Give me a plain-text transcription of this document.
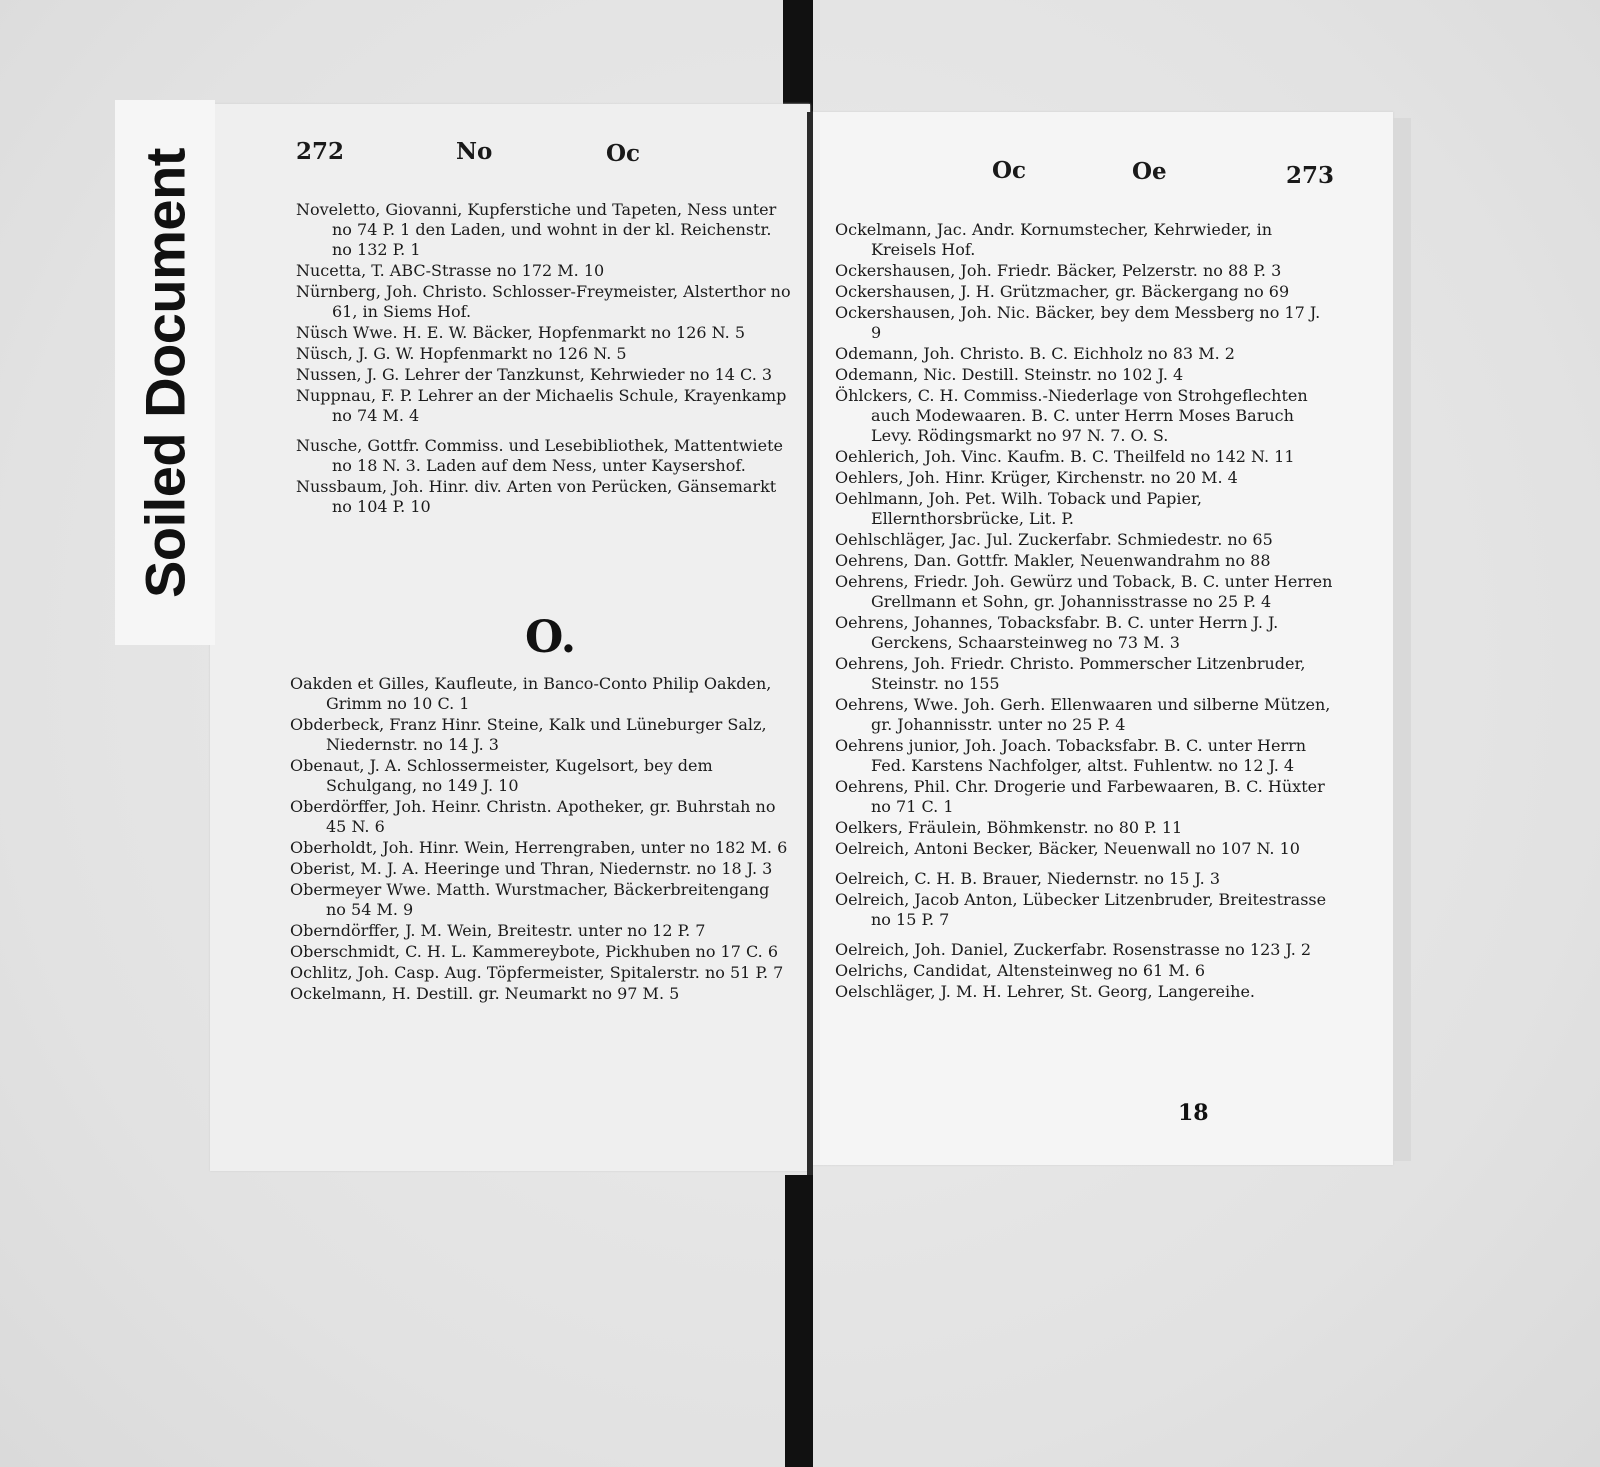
Soiled Document	272	No	Oc
Oc	Oe	273
Noveletto, Giovanni, Kupferstiche und Tapeten, Ness unter no 74 P. 1 den Laden, und wohnt in der kl. Reichenstr. no 132 P. 1
Nucetta, T. ABC-Strasse no 172 M. 10
Nürnberg, Joh. Christo. Schlosser-Freymeister, Alsterthor no 61, in Siems Hof.
Nüsch Wwe. H. E. W. Bäcker, Hopfenmarkt no 126 N. 5
Nüsch, J. G. W. Hopfenmarkt no 126 N. 5
Nussen, J. G. Lehrer der Tanzkunst, Kehrwieder no 14 C. 3
Nuppnau, F. P. Lehrer an der Michaelis Schule, Krayenkamp no 74 M. 4
Nusche, Gottfr. Commiss. und Lesebibliothek, Mattentwiete no 18 N. 3. Laden auf dem Ness, unter Kaysershof.
Nussbaum, Joh. Hinr. div. Arten von Perücken, Gänsemarkt no 104 P. 10
O.
Oakden et Gilles, Kaufleute, in Banco-Conto Philip Oakden, Grimm no 10 C. 1
Obderbeck, Franz Hinr. Steine, Kalk und Lüneburger Salz, Niedernstr. no 14 J. 3
Obenaut, J. A. Schlossermeister, Kugelsort, bey dem Schulgang, no 149 J. 10
Oberdörffer, Joh. Heinr. Christn. Apotheker, gr. Buhrstah no 45 N. 6
Oberholdt, Joh. Hinr. Wein, Herrengraben, unter no 182 M. 6
Oberist, M. J. A. Heeringe und Thran, Niedernstr. no 18 J. 3
Obermeyer Wwe. Matth. Wurstmacher, Bäckerbreitengang no 54 M. 9
Oberndörffer, J. M. Wein, Breitestr. unter no 12 P. 7
Oberschmidt, C. H. L. Kammereybote, Pickhuben no 17 C. 6
Ochlitz, Joh. Casp. Aug. Töpfermeister, Spitalerstr. no 51 P. 7
Ockelmann, H. Destill. gr. Neumarkt no 97 M. 5
Ockelmann, Jac. Andr. Kornumstecher, Kehrwieder, in Kreisels Hof.
Ockershausen, Joh. Friedr. Bäcker, Pelzerstr. no 88 P. 3
Ockershausen, J. H. Grützmacher, gr. Bäckergang no 69
Ockershausen, Joh. Nic. Bäcker, bey dem Messberg no 17 J. 9
Odemann, Joh. Christo. B. C. Eichholz no 83 M. 2
Odemann, Nic. Destill. Steinstr. no 102 J. 4
Öhlckers, C. H. Commiss.-Niederlage von Strohgeflechten auch Modewaaren. B. C. unter Herrn Moses Baruch Levy. Rödingsmarkt no 97 N. 7. O. S.
Oehlerich, Joh. Vinc. Kaufm. B. C. Theilfeld no 142 N. 11
Oehlers, Joh. Hinr. Krüger, Kirchenstr. no 20 M. 4
Oehlmann, Joh. Pet. Wilh. Toback und Papier, Ellernthorsbrücke, Lit. P.
Oehlschläger, Jac. Jul. Zuckerfabr. Schmiedestr. no 65
Oehrens, Dan. Gottfr. Makler, Neuenwandrahm no 88
Oehrens, Friedr. Joh. Gewürz und Toback, B. C. unter Herren Grellmann et Sohn, gr. Johannisstrasse no 25 P. 4
Oehrens, Johannes, Tobacksfabr. B. C. unter Herrn J. J. Gerckens, Schaarsteinweg no 73 M. 3
Oehrens, Joh. Friedr. Christo. Pommerscher Litzenbruder, Steinstr. no 155
Oehrens, Wwe. Joh. Gerh. Ellenwaaren und silberne Mützen, gr. Johannisstr. unter no 25 P. 4
Oehrens junior, Joh. Joach. Tobacksfabr. B. C. unter Herrn Fed. Karstens Nachfolger, altst. Fuhlentw. no 12 J. 4
Oehrens, Phil. Chr. Drogerie und Farbewaaren, B. C. Hüxter no 71 C. 1
Oelkers, Fräulein, Böhmkenstr. no 80 P. 11
Oelreich, Antoni Becker, Bäcker, Neuenwall no 107 N. 10
Oelreich, C. H. B. Brauer, Niedernstr. no 15 J. 3
Oelreich, Jacob Anton, Lübecker Litzenbruder, Breitestrasse no 15 P. 7
Oelreich, Joh. Daniel, Zuckerfabr. Rosenstrasse no 123 J. 2
Oelrichs, Candidat, Altensteinweg no 61 M. 6
Oelschläger, J. M. H. Lehrer, St. Georg, Langereihe.
18
